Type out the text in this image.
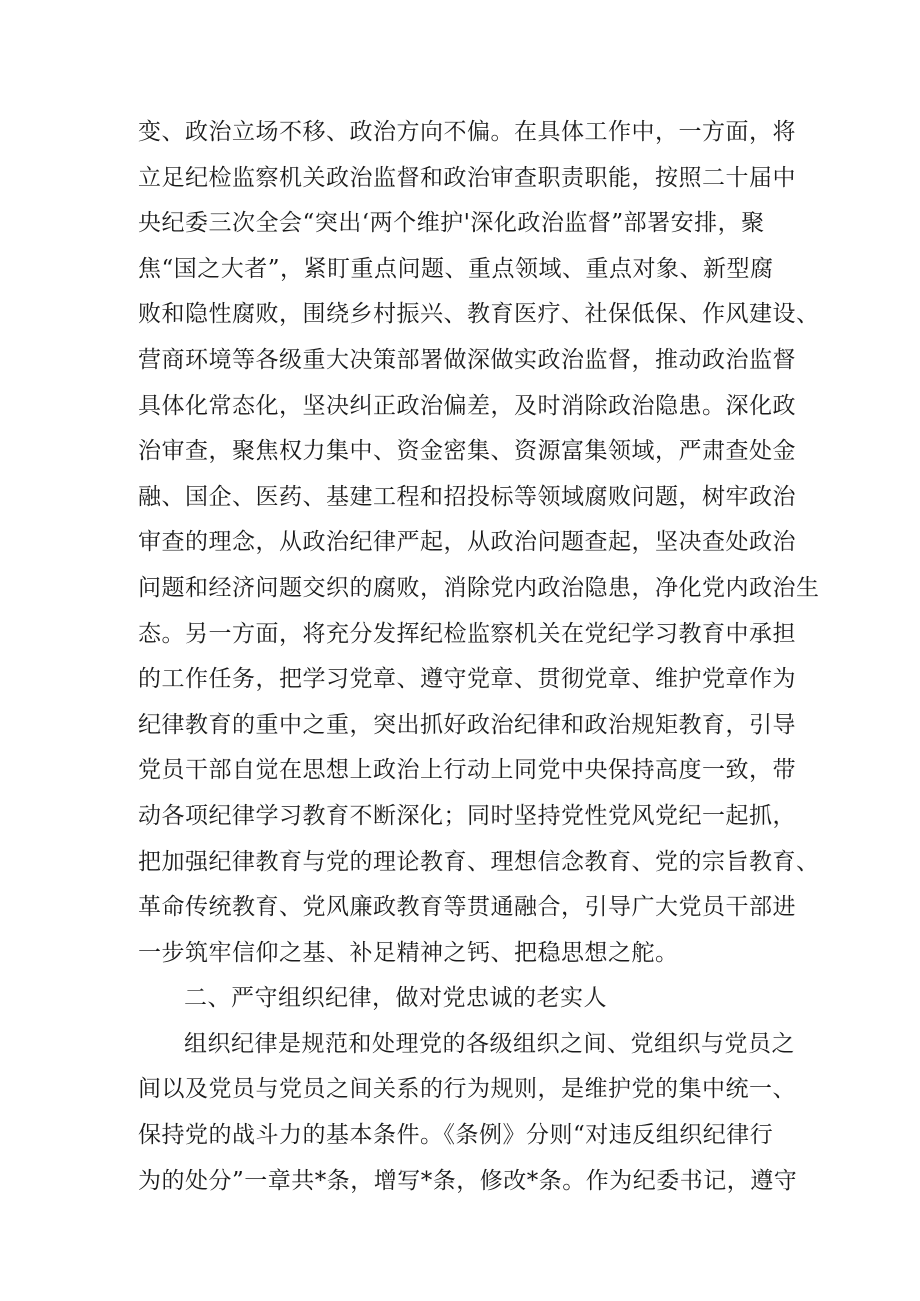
变、政治立场不移、政治方向不偏。在具体工作中，一方面，将
立足纪检监察机关政治监督和政治审查职责职能，按照二十届中
央纪委三次全会“突出‘两个维护'深化政治监督”部署安排，聚
焦“国之大者”，紧盯重点问题、重点领域、重点对象、新型腐
败和隐性腐败，围绕乡村振兴、教育医疗、社保低保、作风建设、
营商环境等各级重大决策部署做深做实政治监督，推动政治监督
具体化常态化，坚决纠正政治偏差，及时消除政治隐患。深化政
治审查，聚焦权力集中、资金密集、资源富集领域，严肃查处金
融、国企、医药、基建工程和招投标等领域腐败问题，树牢政治
审查的理念，从政治纪律严起，从政治问题查起，坚决查处政治
问题和经济问题交织的腐败，消除党内政治隐患，净化党内政治生
态。另一方面，将充分发挥纪检监察机关在党纪学习教育中承担
的工作任务，把学习党章、遵守党章、贯彻党章、维护党章作为
纪律教育的重中之重，突出抓好政治纪律和政治规矩教育，引导
党员干部自觉在思想上政治上行动上同党中央保持高度一致，带
动各项纪律学习教育不断深化；同时坚持党性党风党纪一起抓，
把加强纪律教育与党的理论教育、理想信念教育、党的宗旨教育、
革命传统教育、党风廉政教育等贯通融合，引导广大党员干部进
一步筑牢信仰之基、补足精神之钙、把稳思想之舵。
二、严守组织纪律，做对党忠诚的老实人
组织纪律是规范和处理党的各级组织之间、党组织与党员之
间以及党员与党员之间关系的行为规则，是维护党的集中统一、
保持党的战斗力的基本条件。《条例》分则“对违反组织纪律行
为的处分”一章共*条，增写*条，修改*条。作为纪委书记，遵守
